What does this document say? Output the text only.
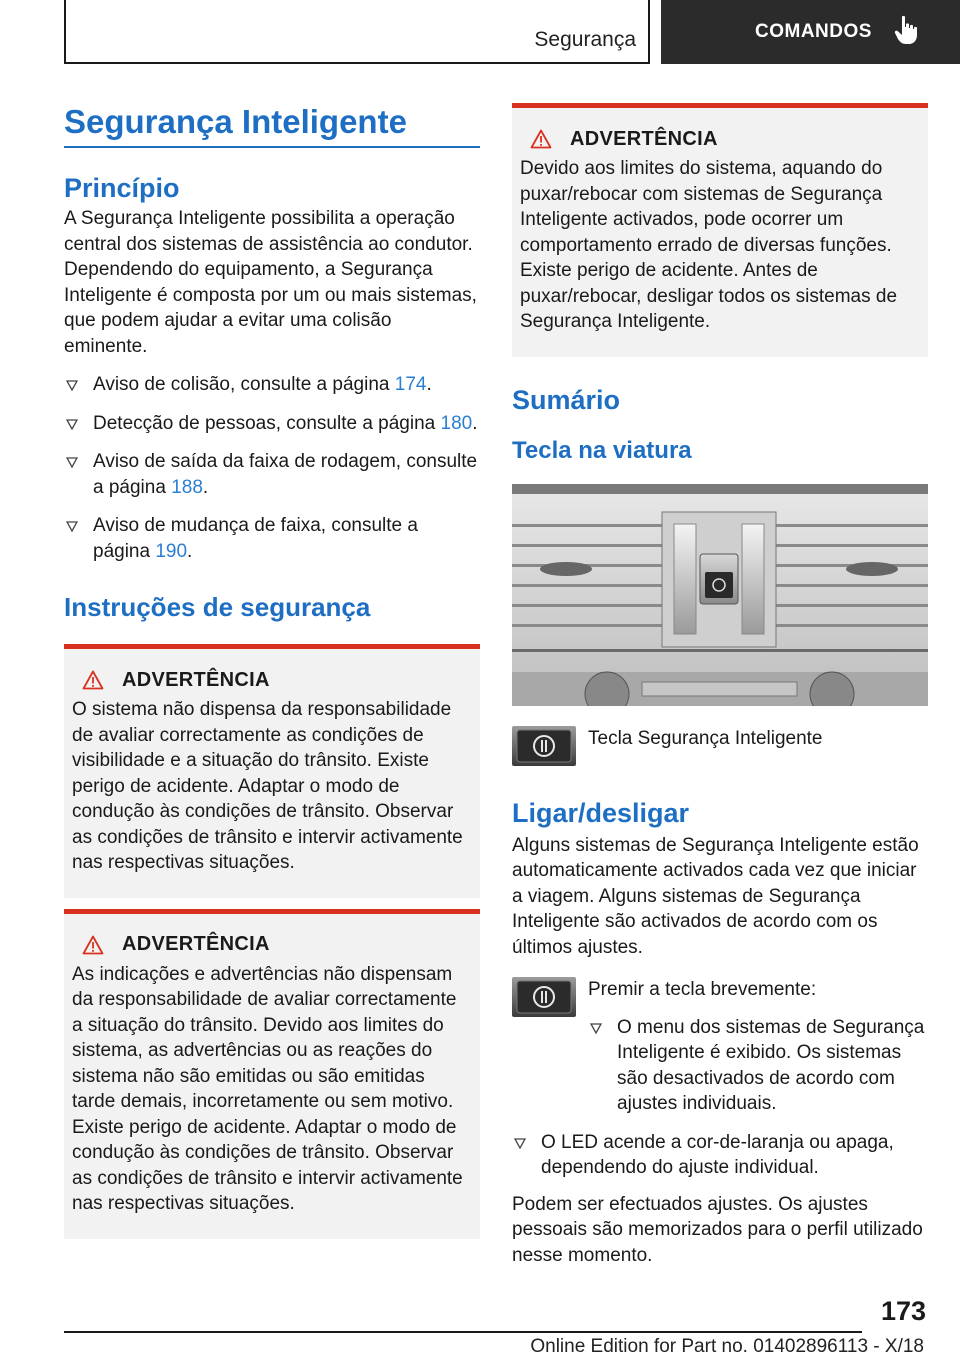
Segurança	COMANDOS
Segurança Inteligente
Princípio

A Segurança Inteligente possibilita a operação central dos sistemas de assistência ao condutor. Dependendo do equipamento, a Segurança Inteligente é composta por um ou mais sistemas, que podem ajudar a evitar uma colisão eminente.

Aviso de colisão, consulte a página 174.
Detecção de pessoas, consulte a página 180.
Aviso de saída da faixa de rodagem, consulte a página 188.
Aviso de mudança de faixa, consulte a página 190.
Instruções de segurança
ADVERTÊNCIA

O sistema não dispensa da responsabilidade de avaliar correctamente as condições de visibilidade e a situação do trânsito. Existe perigo de acidente. Adaptar o modo de condução às condições de trânsito. Observar as condições de trânsito e intervir activamente nas respectivas situações.

ADVERTÊNCIA

As indicações e advertências não dispensam da responsabilidade de avaliar correctamente a situação do trânsito. Devido aos limites do sistema, as advertências ou as reações do sistema não são emitidas ou são emitidas tarde demais, incorretamente ou sem motivo. Existe perigo de acidente. Adaptar o modo de condução às condições de trânsito. Observar as condições de trânsito e intervir activamente nas respectivas situações.

ADVERTÊNCIA

Devido aos limites do sistema, aquando do puxar/rebocar com sistemas de Segurança Inteligente activados, pode ocorrer um comportamento errado de diversas funções. Existe perigo de acidente. Antes de puxar/rebocar, desligar todos os sistemas de Segurança Inteligente.

Sumário
Tecla na viatura

Tecla Segurança Inteligente

Ligar/desligar

Alguns sistemas de Segurança Inteligente estão automaticamente activados cada vez que iniciar a viagem. Alguns sistemas de Segurança Inteligente são activados de acordo com os últimos ajustes.

Premir a tecla brevemente:

O menu dos sistemas de Segurança Inteligente é exibido. Os sistemas são desactivados de acordo com ajustes individuais.
O LED acende a cor-de-laranja ou apaga, dependendo do ajuste individual.

Podem ser efectuados ajustes. Os ajustes pessoais são memorizados para o perfil utilizado nesse momento.

173
Online Edition for Part no. 01402896113 - X/18
